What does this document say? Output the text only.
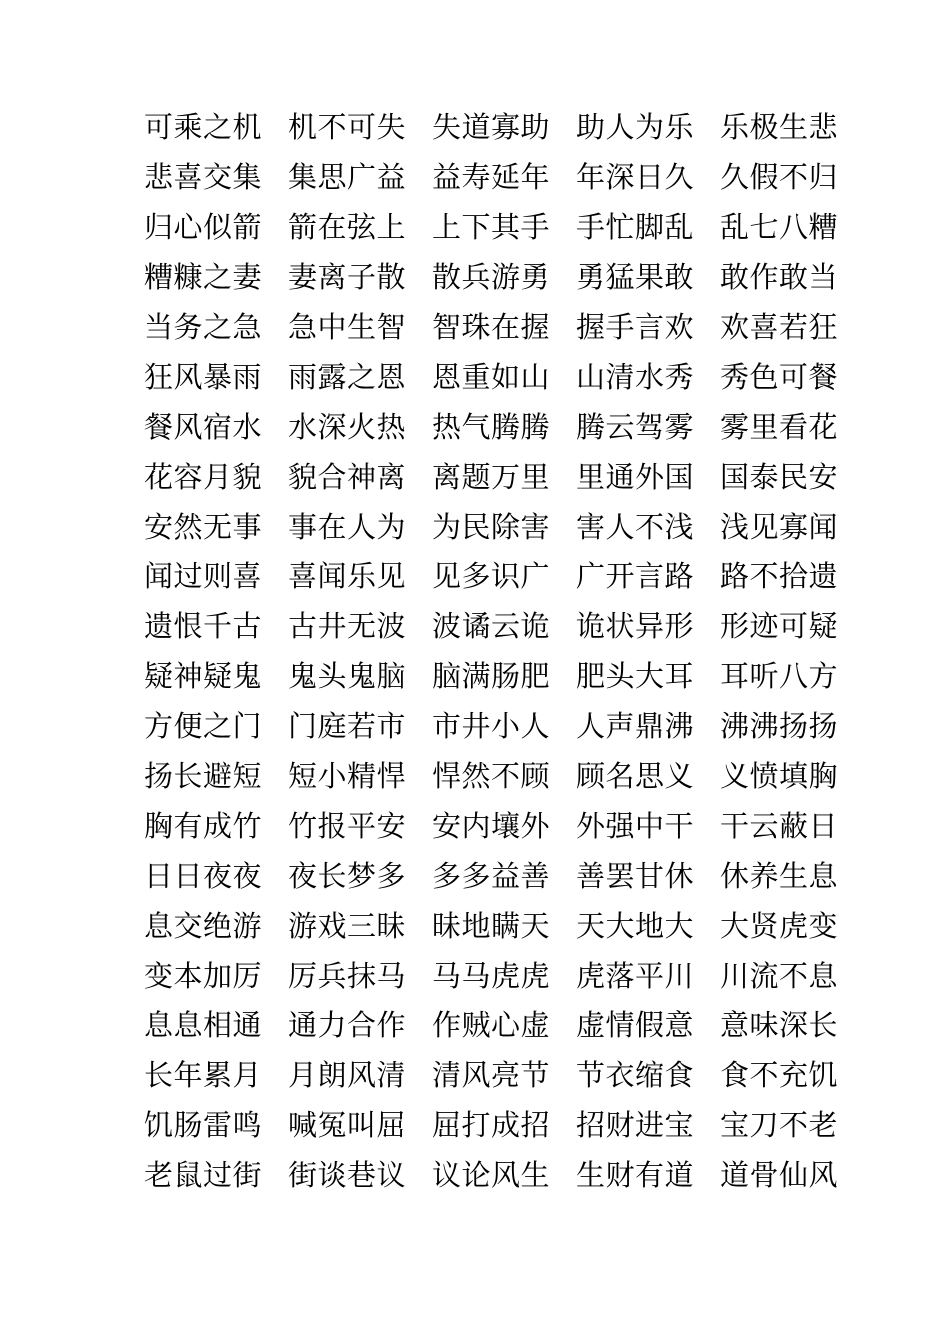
可乘之机 机不可失 失道寡助 助人为乐 乐极生悲
悲喜交集 集思广益 益寿延年 年深日久 久假不归
归心似箭 箭在弦上 上下其手 手忙脚乱 乱七八糟
糟糠之妻 妻离子散 散兵游勇 勇猛果敢 敢作敢当
当务之急 急中生智 智珠在握 握手言欢 欢喜若狂
狂风暴雨 雨露之恩 恩重如山 山清水秀 秀色可餐
餐风宿水 水深火热 热气腾腾 腾云驾雾 雾里看花
花容月貌 貌合神离 离题万里 里通外国 国泰民安
安然无事 事在人为 为民除害 害人不浅 浅见寡闻
闻过则喜 喜闻乐见 见多识广 广开言路 路不拾遗
遗恨千古 古井无波 波谲云诡 诡状异形 形迹可疑
疑神疑鬼 鬼头鬼脑 脑满肠肥 肥头大耳 耳听八方
方便之门 门庭若市 市井小人 人声鼎沸 沸沸扬扬
扬长避短 短小精悍 悍然不顾 顾名思义 义愤填胸
胸有成竹 竹报平安 安内壤外 外强中干 干云蔽日
日日夜夜 夜长梦多 多多益善 善罢甘休 休养生息
息交绝游 游戏三昧 昧地瞒天 天大地大 大贤虎变
变本加厉 厉兵抹马 马马虎虎 虎落平川 川流不息
息息相通 通力合作 作贼心虚 虚情假意 意味深长
长年累月 月朗风清 清风亮节 节衣缩食 食不充饥
饥肠雷鸣 喊冤叫屈 屈打成招 招财进宝 宝刀不老
老鼠过街 街谈巷议 议论风生 生财有道 道骨仙风
